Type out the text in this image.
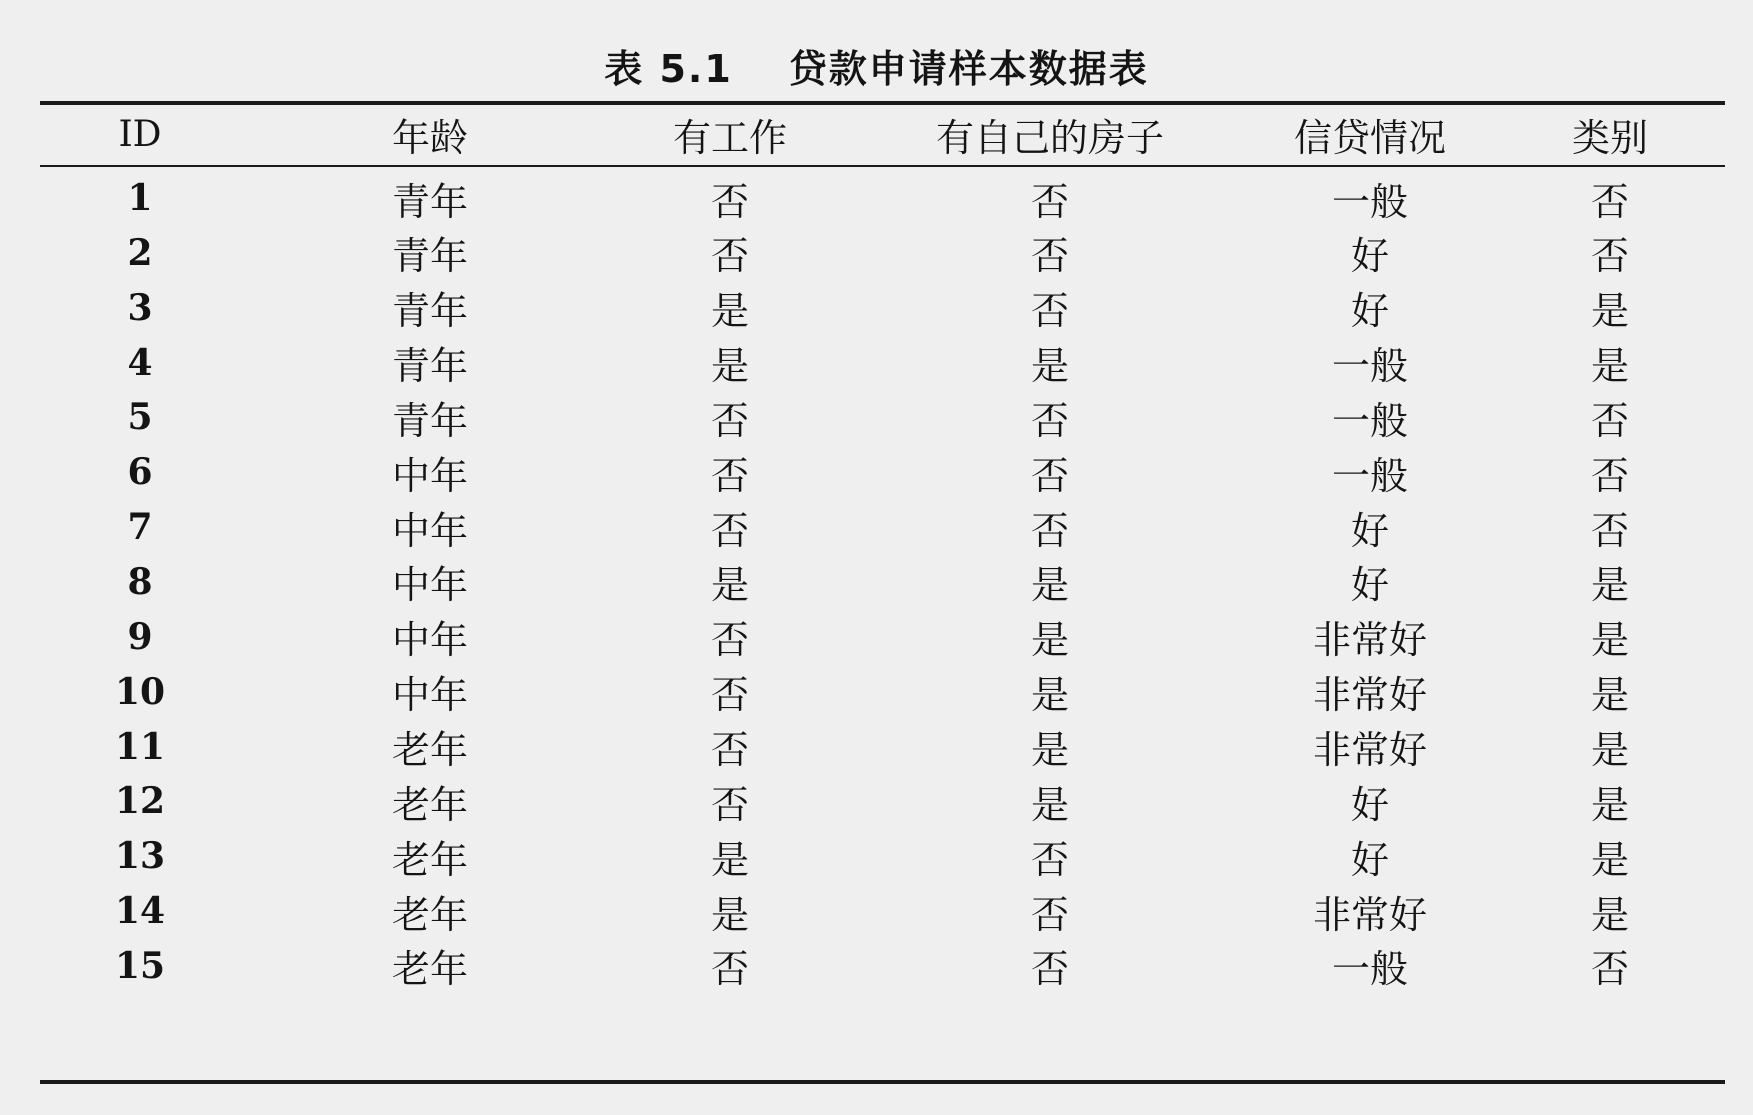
表 5.1 贷款申请样本数据表
ID	年龄	有工作	有自己的房子	信贷情况	类别
1	青年	否	否	一般	否
2	青年	否	否	好	否
3	青年	是	否	好	是
4	青年	是	是	一般	是
5	青年	否	否	一般	否
6	中年	否	否	一般	否
7	中年	否	否	好	否
8	中年	是	是	好	是
9	中年	否	是	非常好	是
10	中年	否	是	非常好	是
11	老年	否	是	非常好	是
12	老年	否	是	好	是
13	老年	是	否	好	是
14	老年	是	否	非常好	是
15	老年	否	否	一般	否
